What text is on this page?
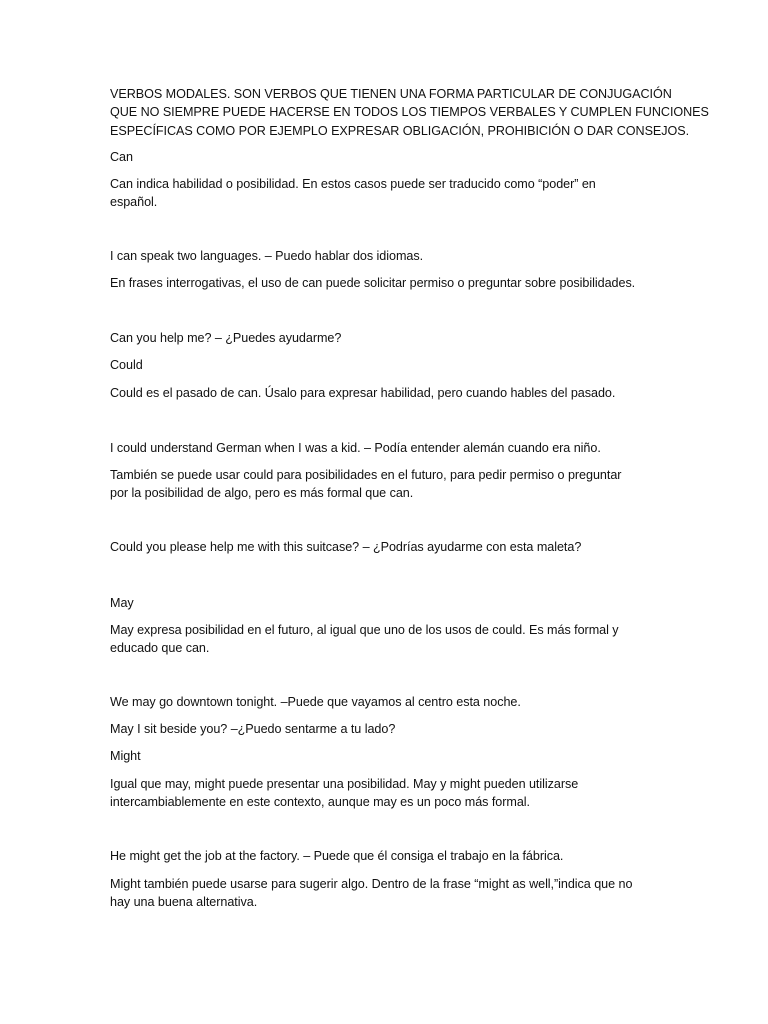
VERBOS MODALES. SON VERBOS QUE TIENEN UNA FORMA PARTICULAR DE CONJUGACIÓN
QUE NO SIEMPRE PUEDE HACERSE EN TODOS LOS TIEMPOS VERBALES Y CUMPLEN FUNCIONES
ESPECÍFICAS COMO POR EJEMPLO EXPRESAR OBLIGACIÓN, PROHIBICIÓN O DAR CONSEJOS.

Can

Can indica habilidad o posibilidad. En estos casos puede ser traducido como “poder” en
español.

I can speak two languages. – Puedo hablar dos idiomas.

En frases interrogativas, el uso de can puede solicitar permiso o preguntar sobre posibilidades.

Can you help me? – ¿Puedes ayudarme?

Could

Could es el pasado de can. Úsalo para expresar habilidad, pero cuando hables del pasado.

I could understand German when I was a kid. – Podía entender alemán cuando era niño.

También se puede usar could para posibilidades en el futuro, para pedir permiso o preguntar
por la posibilidad de algo, pero es más formal que can.

Could you please help me with this suitcase? – ¿Podrías ayudarme con esta maleta?

May

May expresa posibilidad en el futuro, al igual que uno de los usos de could. Es más formal y
educado que can.

We may go downtown tonight. –Puede que vayamos al centro esta noche.

May I sit beside you? –¿Puedo sentarme a tu lado?

Might

Igual que may, might puede presentar una posibilidad. May y might pueden utilizarse
intercambiablemente en este contexto, aunque may es un poco más formal.

He might get the job at the factory. – Puede que él consiga el trabajo en la fábrica.

Might también puede usarse para sugerir algo. Dentro de la frase “might as well,”indica que no
hay una buena alternativa.
